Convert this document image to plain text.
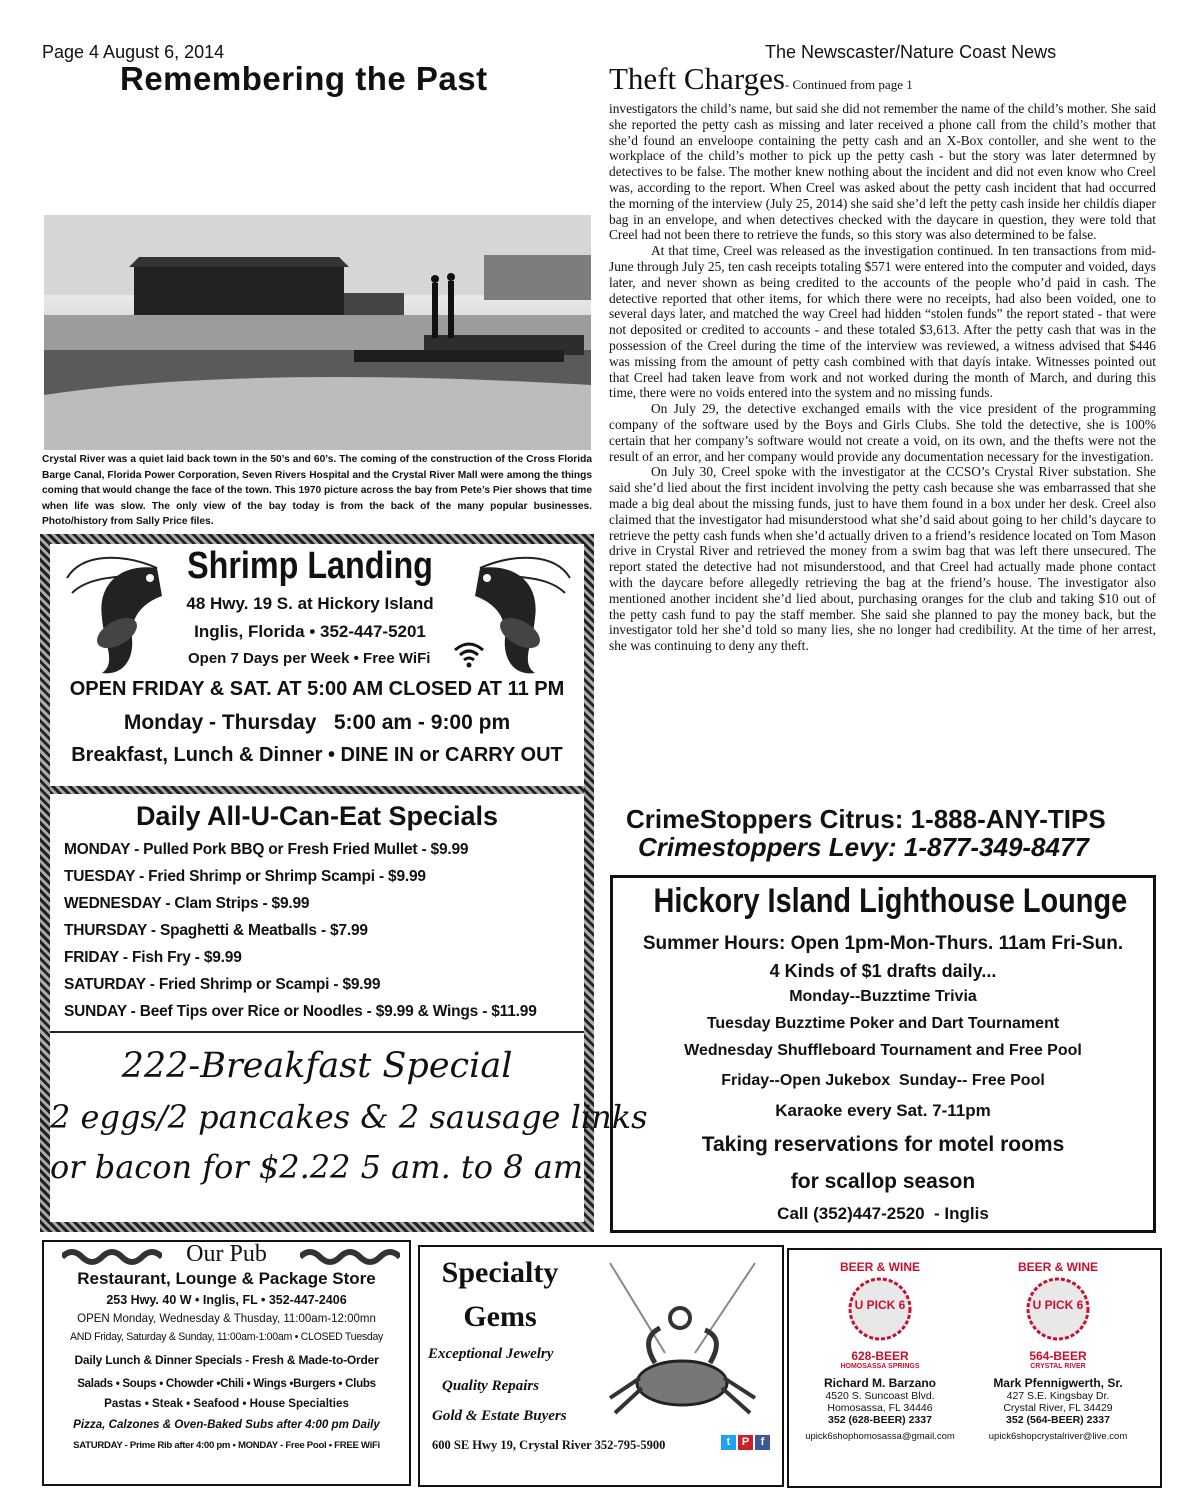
Page 4 August 6, 2014	The Newscaster/Nature Coast News
Remembering the Past
Crystal River was a quiet laid back town in the 50’s and 60’s. The coming of the construction of the Cross Florida Barge Canal, Florida Power Corporation, Seven Rivers Hospital and the Crystal River Mall were among the things coming that would change the face of the town. This 1970 picture across the bay from Pete’s Pier shows that time when life was slow. The only view of the bay today is from the back of the many popular businesses. Photo/history from Sally Price files.
Theft Charges- Continued from page 1

investigators the child’s name, but said she did not remember the name of the child’s mother. She said she reported the petty cash as missing and later received a phone call from the child’s mother that she’d found an enveloope containing the petty cash and an X-Box contoller, and she went to the workplace of the child’s mother to pick up the petty cash - but the story was later determned by detectives to be false. The mother knew nothing about the incident and did not even know who Creel was, according to the report. When Creel was asked about the petty cash incident that had occurred the morning of the interview (July 25, 2014) she said she’d left the petty cash inside her childís diaper bag in an envelope, and when detectives checked with the daycare in question, they were told that Creel had not been there to retrieve the funds, so this story was also determined to be false.

At that time, Creel was released as the investigation continued. In ten transactions from mid-June through July 25, ten cash receipts totaling $571 were entered into the computer and voided, days later, and never shown as being credited to the accounts of the people who’d paid in cash. The detective reported that other items, for which there were no receipts, had also been voided, one to several days later, and matched the way Creel had hidden “stolen funds” the report stated - that were not deposited or credited to accounts - and these totaled $3,613. After the petty cash that was in the possession of the Creel during the time of the interview was reviewed, a witness advised that $446 was missing from the amount of petty cash combined with that dayís intake. Witnesses pointed out that Creel had taken leave from work and not worked during the month of March, and during this time, there were no voids entered into the system and no missing funds.

On July 29, the detective exchanged emails with the vice president of the programming company of the software used by the Boys and Girls Clubs. She told the detective, she is 100% certain that her company’s software would not create a void, on its own, and the thefts were not the result of an error, and her company would provide any documentation necessary for the investigation.

On July 30, Creel spoke with the investigator at the CCSO’s Crystal River substation. She said she’d lied about the first incident involving the petty cash because she was embarrassed that she made a big deal about the missing funds, just to have them found in a box under her desk. Creel also claimed that the investigator had misunderstood what she’d said about going to her child’s daycare to retrieve the petty cash funds when she’d actually driven to a friend’s residence located on Tom Mason drive in Crystal River and retrieved the money from a swim bag that was left there unsecured. The report stated the detective had not misunderstood, and that Creel had actually made phone contact with the daycare before allegedly retrieving the bag at the friend’s house. The investigator also mentioned another incident she’d lied about, purchasing oranges for the club and taking $10 out of the petty cash fund to pay the staff member. She said she planned to pay the money back, but the investigator told her she’d told so many lies, she no longer had credibility. At the time of her arrest, she was continuing to deny any theft.

CrimeStoppers Citrus: 1-888-ANY-TIPS
Crimestoppers Levy: 1-877-349-8477
Shrimp Landing
48 Hwy. 19 S. at Hickory Island
Inglis, Florida • 352-447-5201
Open 7 Days per Week • Free WiFi
OPEN FRIDAY & SAT. AT 5:00 AM CLOSED AT 11 PM
Monday - Thursday   5:00 am - 9:00 pm
Breakfast, Lunch & Dinner • DINE IN or CARRY OUT
Daily All-U-Can-Eat Specials
MONDAY - Pulled Pork BBQ or Fresh Fried Mullet - $9.99
TUESDAY - Fried Shrimp or Shrimp Scampi - $9.99
WEDNESDAY - Clam Strips - $9.99
THURSDAY - Spaghetti & Meatballs - $7.99
FRIDAY - Fish Fry - $9.99
SATURDAY - Fried Shrimp or Scampi - $9.99
SUNDAY - Beef Tips over Rice or Noodles - $9.99 & Wings - $11.99
222-Breakfast Special
2 eggs/2 pancakes & 2 sausage links
or bacon for $2.22 5 am. to 8 am.
Hickory Island Lighthouse Lounge
Summer Hours: Open 1pm-Mon-Thurs. 11am Fri-Sun.
4 Kinds of $1 drafts daily...
Monday--Buzztime Trivia
Tuesday Buzztime Poker and Dart Tournament
Wednesday Shuffleboard Tournament and Free Pool
Friday--Open Jukebox  Sunday-- Free Pool
Karaoke every Sat. 7-11pm
Taking reservations for motel rooms
for scallop season
Call (352)447-2520  - Inglis
Our Pub
Restaurant, Lounge & Package Store
253 Hwy. 40 W • Inglis, FL • 352-447-2406
OPEN Monday, Wednesday & Thusday, 11:00am-12:00mn
AND Friday, Saturday & Sunday, 11:00am-1:00am • CLOSED Tuesday
Daily Lunch & Dinner Specials - Fresh & Made-to-Order
Salads • Soups • Chowder •Chili • Wings •Burgers • Clubs
Pastas • Steak • Seafood • House Specialties
Pizza, Calzones & Oven-Baked Subs after 4:00 pm Daily
SATURDAY - Prime Rib after 4:00 pm • MONDAY - Free Pool • FREE WiFi
Specialty
Gems
Exceptional Jewelry
Quality Repairs
Gold & Estate Buyers
600 SE Hwy 19, Crystal River 352-795-5900	t P f
BEER & WINE
U PICK 6
628-BEER
HOMOSASSA SPRINGS
Richard M. Barzano
4520 S. Suncoast Blvd.
Homosassa, FL 34446
352 (628-BEER) 2337
upick6shophomosassa@gmail.com
BEER & WINE
U PICK 6
564-BEER
CRYSTAL RIVER
Mark Pfennigwerth, Sr.
427 S.E. Kingsbay Dr.
Crystal River, FL 34429
352 (564-BEER) 2337
upick6shopcrystalriver@live.com
